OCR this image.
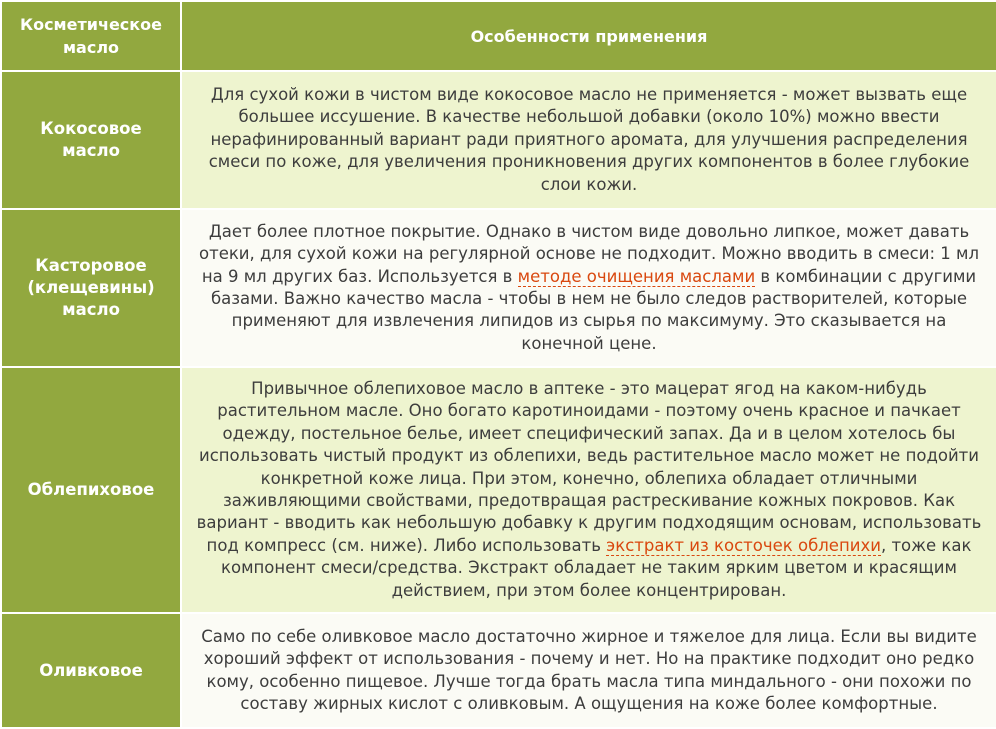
Косметическое масло	Особенности применения
Кокосовое масло	Для сухой кожи в чистом виде кокосовое масло не применяется - может вызвать еще большее иссушение. В качестве небольшой добавки (около 10%) можно ввести нерафинированный вариант ради приятного аромата, для улучшения распределения смеси по коже, для увеличения проникновения других компонентов в более глубокие слои кожи.
Касторовое (клещевины) масло	Дает более плотное покрытие. Однако в чистом виде довольно липкое, может давать отеки, для сухой кожи на регулярной основе не подходит. Можно вводить в смеси: 1 мл на 9 мл других баз. Используется в методе очищения маслами в комбинации с другими базами. Важно качество масла - чтобы в нем не было следов растворителей, которые применяют для извлечения липидов из сырья по максимуму. Это сказывается на конечной цене.
Облепиховое	Привычное облепиховое масло в аптеке - это мацерат ягод на каком-нибудь растительном масле. Оно богато каротиноидами - поэтому очень красное и пачкает одежду, постельное белье, имеет специфический запах. Да и в целом хотелось бы использовать чистый продукт из облепихи, ведь растительное масло может не подойти конкретной коже лица. При этом, конечно, облепиха обладает отличными заживляющими свойствами, предотвращая растрескивание кожных покровов. Как вариант - вводить как небольшую добавку к другим подходящим основам, использовать под компресс (см. ниже). Либо использовать экстракт из косточек облепихи, тоже как компонент смеси/средства. Экстракт обладает не таким ярким цветом и красящим действием, при этом более концентрирован.
Оливковое	Само по себе оливковое масло достаточно жирное и тяжелое для лица. Если вы видите хороший эффект от использования - почему и нет. Но на практике подходит оно редко кому, особенно пищевое. Лучше тогда брать масла типа миндального - они похожи по составу жирных кислот с оливковым. А ощущения на коже более комфортные.
